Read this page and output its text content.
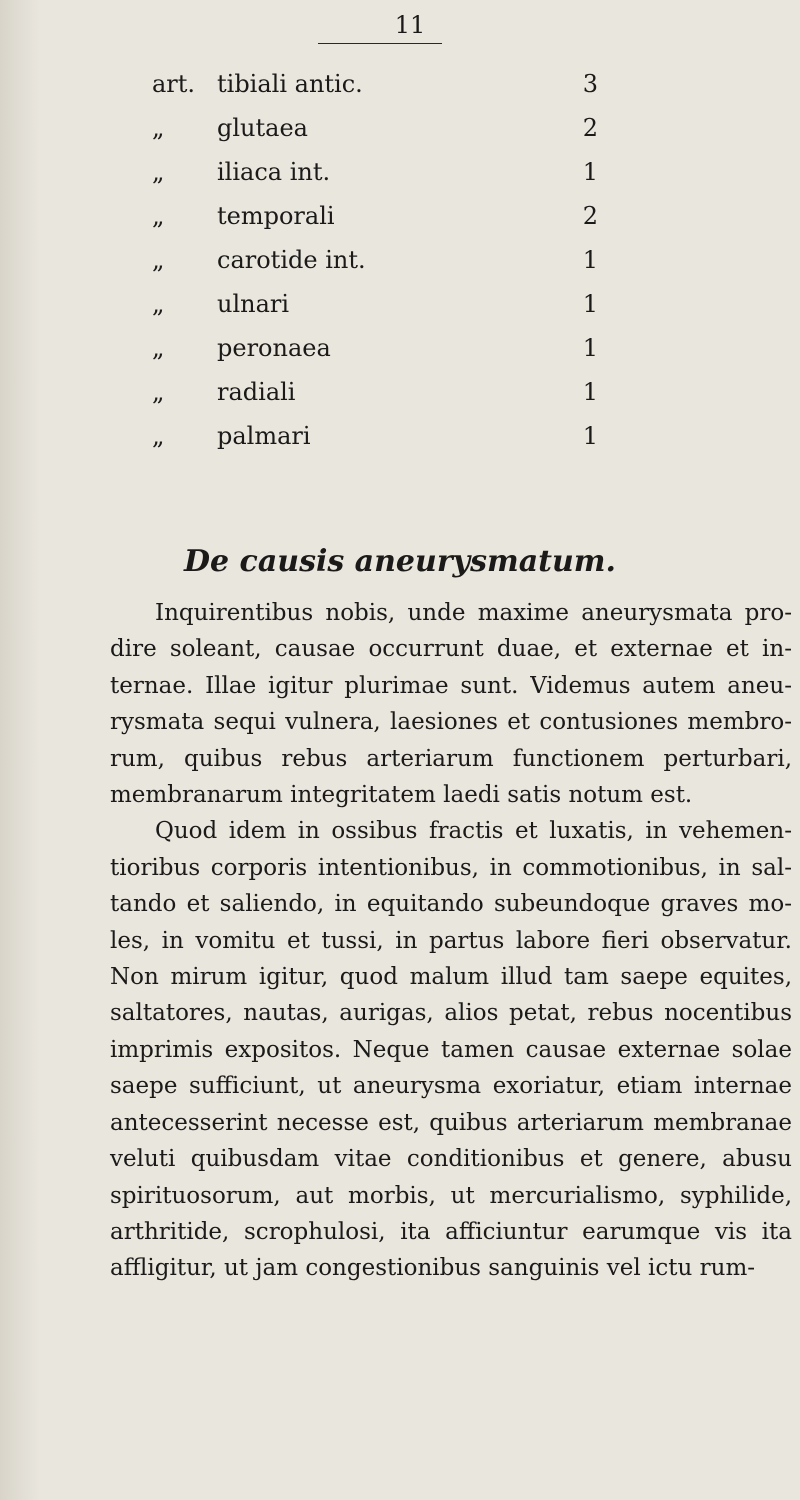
11
art. tibiali antic.	3
„	glutaea	2
„	iliaca int.	1
„	temporali	2
„	carotide int.	1
„	ulnari	1
„	peronaea	1
„	radiali	1
„	palmari	1
De causis aneurysmatum.

Inquirentibus nobis, unde maxime aneurysmata pro-dire soleant, causae occurrunt duae, et externae et in-ternae. Illae igitur plurimae sunt. Videmus autem aneu-rysmata sequi vulnera, laesiones et contusiones membro-rum, quibus rebus arteriarum functionem perturbari, membranarum integritatem laedi satis notum est.

Quod idem in ossibus fractis et luxatis, in vehemen-tioribus corporis intentionibus, in commotionibus, in sal-tando et saliendo, in equitando subeundoque graves mo-les, in vomitu et tussi, in partus labore fieri observatur. Non mirum igitur, quod malum illud tam saepe equites, saltatores, nautas, aurigas, alios petat, rebus nocentibus imprimis expositos. Neque tamen causae externae solae saepe sufficiunt, ut aneurysma exoriatur, etiam internae antecesserint necesse est, quibus arteriarum membranae veluti quibusdam vitae conditionibus et genere, abusu spirituosorum, aut morbis, ut mercurialismo, syphilide, arthritide, scrophulosi, ita afficiuntur earumque vis ita affligitur, ut jam congestionibus sanguinis vel ictu rum-
